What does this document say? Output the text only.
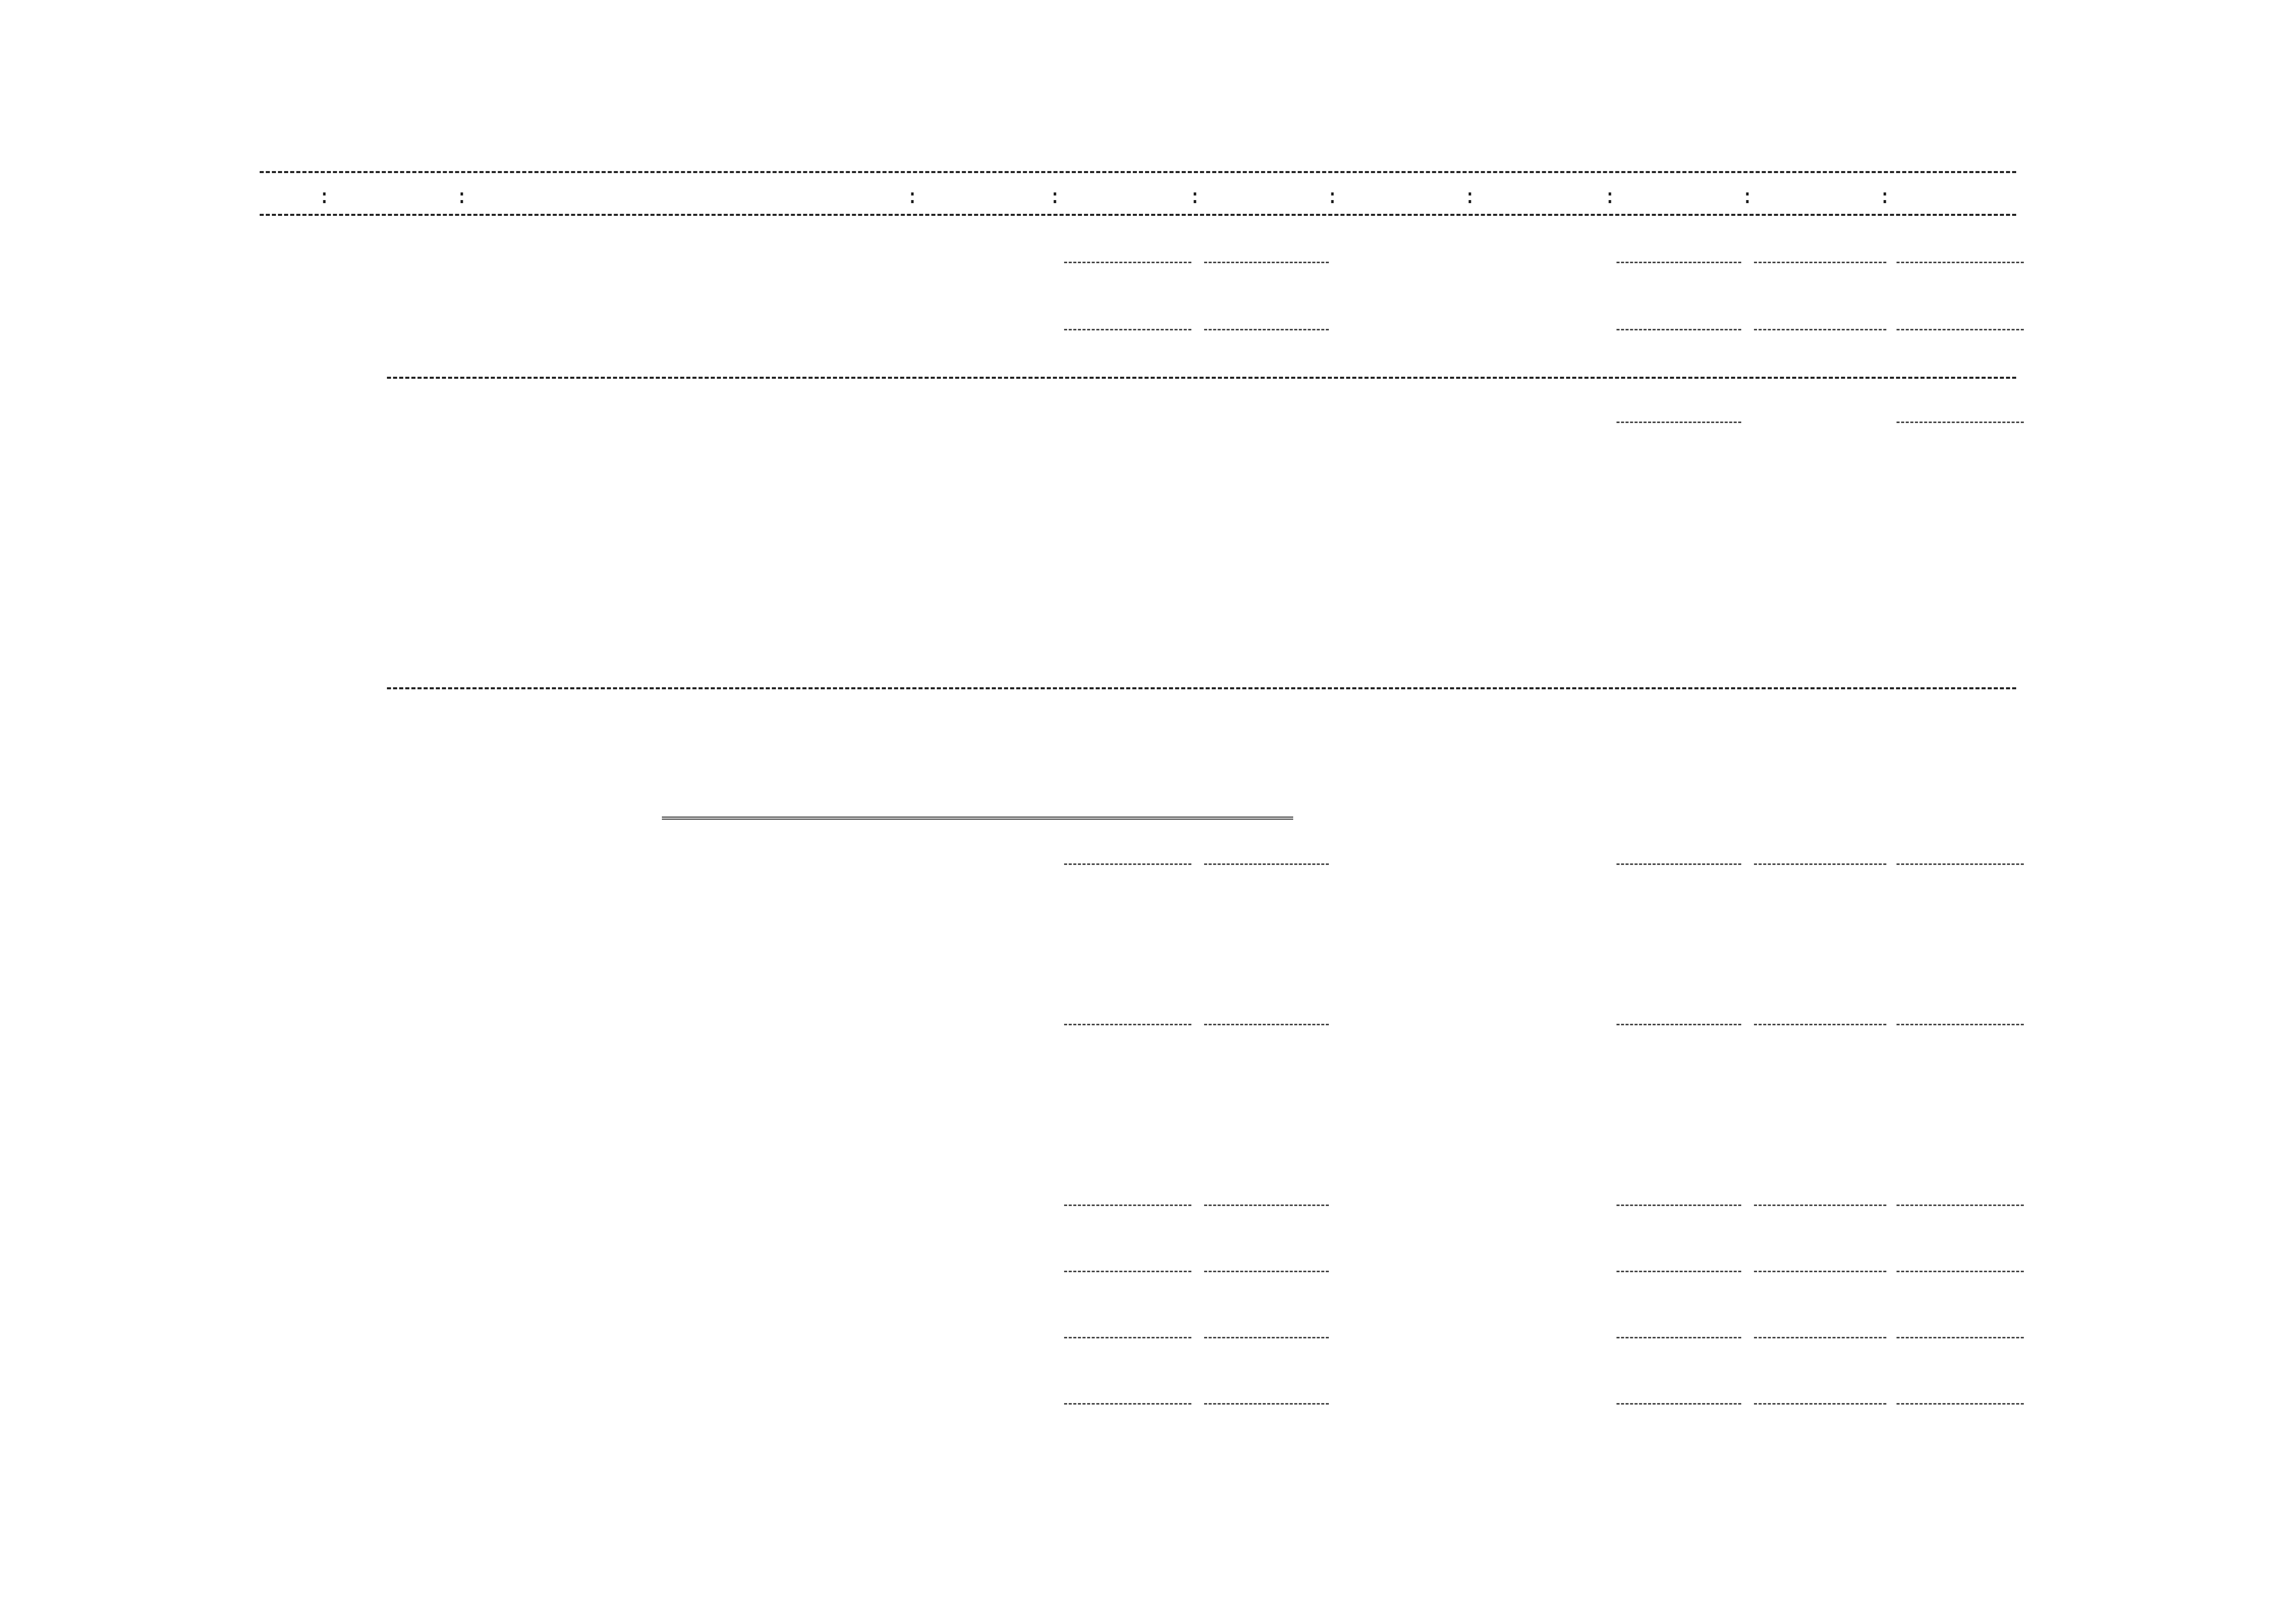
:	:	:	:	:	:	:	:	:	:
